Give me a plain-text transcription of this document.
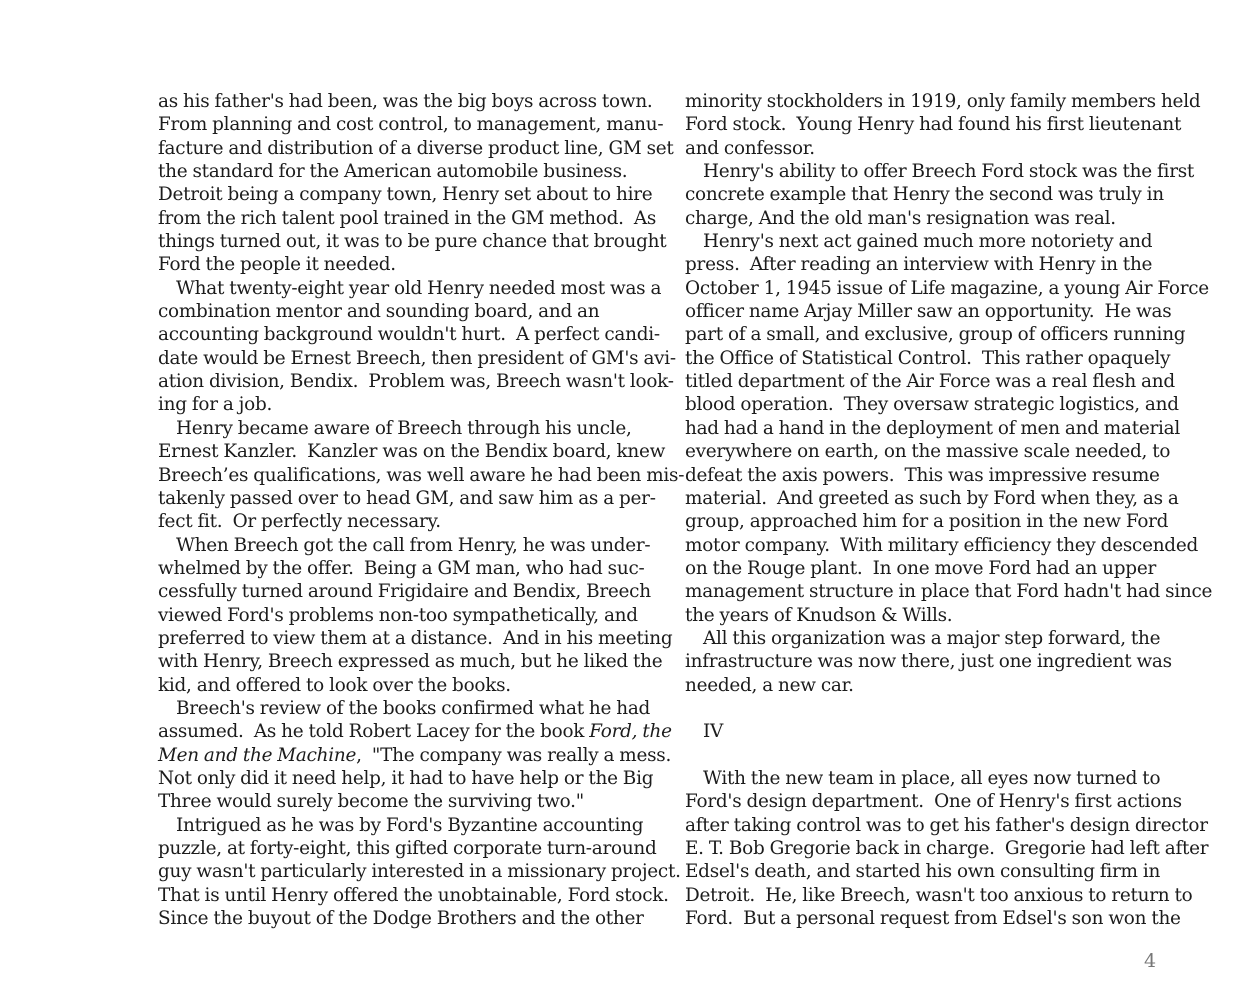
as his father's had been, was the big boys across town.
From planning and cost control, to management, manu-
facture and distribution of a diverse product line, GM set
the standard for the American automobile business.
Detroit being a company town, Henry set about to hire
from the rich talent pool trained in the GM method.  As
things turned out, it was to be pure chance that brought
Ford the people it needed.
What twenty-eight year old Henry needed most was a
combination mentor and sounding board, and an
accounting background wouldn't hurt.  A perfect candi-
date would be Ernest Breech, then president of GM's avi-
ation division, Bendix.  Problem was, Breech wasn't look-
ing for a job.
Henry became aware of Breech through his uncle,
Ernest Kanzler.  Kanzler was on the Bendix board, knew
Breech’es qualifications, was well aware he had been mis-
takenly passed over to head GM, and saw him as a per-
fect fit.  Or perfectly necessary.
When Breech got the call from Henry, he was under-
whelmed by the offer.  Being a GM man, who had suc-
cessfully turned around Frigidaire and Bendix, Breech
viewed Ford's problems non-too sympathetically, and
preferred to view them at a distance.  And in his meeting
with Henry, Breech expressed as much, but he liked the
kid, and offered to look over the books.
Breech's review of the books confirmed what he had
assumed.  As he told Robert Lacey for the book Ford, the
Men and the Machine,  "The company was really a mess.
Not only did it need help, it had to have help or the Big
Three would surely become the surviving two."
Intrigued as he was by Ford's Byzantine accounting
puzzle, at forty-eight, this gifted corporate turn-around
guy wasn't particularly interested in a missionary project.
That is until Henry offered the unobtainable, Ford stock.
Since the buyout of the Dodge Brothers and the other
minority stockholders in 1919, only family members held
Ford stock.  Young Henry had found his first lieutenant
and confessor.
Henry's ability to offer Breech Ford stock was the first
concrete example that Henry the second was truly in
charge, And the old man's resignation was real.
Henry's next act gained much more notoriety and
press.  After reading an interview with Henry in the
October 1, 1945 issue of Life magazine, a young Air Force
officer name Arjay Miller saw an opportunity.  He was
part of a small, and exclusive, group of officers running
the Office of Statistical Control.  This rather opaquely
titled department of the Air Force was a real flesh and
blood operation.  They oversaw strategic logistics, and
had had a hand in the deployment of men and material
everywhere on earth, on the massive scale needed, to
defeat the axis powers.  This was impressive resume
material.  And greeted as such by Ford when they, as a
group, approached him for a position in the new Ford
motor company.  With military efficiency they descended
on the Rouge plant.  In one move Ford had an upper
management structure in place that Ford hadn't had since
the years of Knudson & Wills.
All this organization was a major step forward, the
infrastructure was now there, just one ingredient was
needed, a new car.
IV
With the new team in place, all eyes now turned to
Ford's design department.  One of Henry's first actions
after taking control was to get his father's design director
E. T. Bob Gregorie back in charge.  Gregorie had left after
Edsel's death, and started his own consulting firm in
Detroit.  He, like Breech, wasn't too anxious to return to
Ford.  But a personal request from Edsel's son won the
4
